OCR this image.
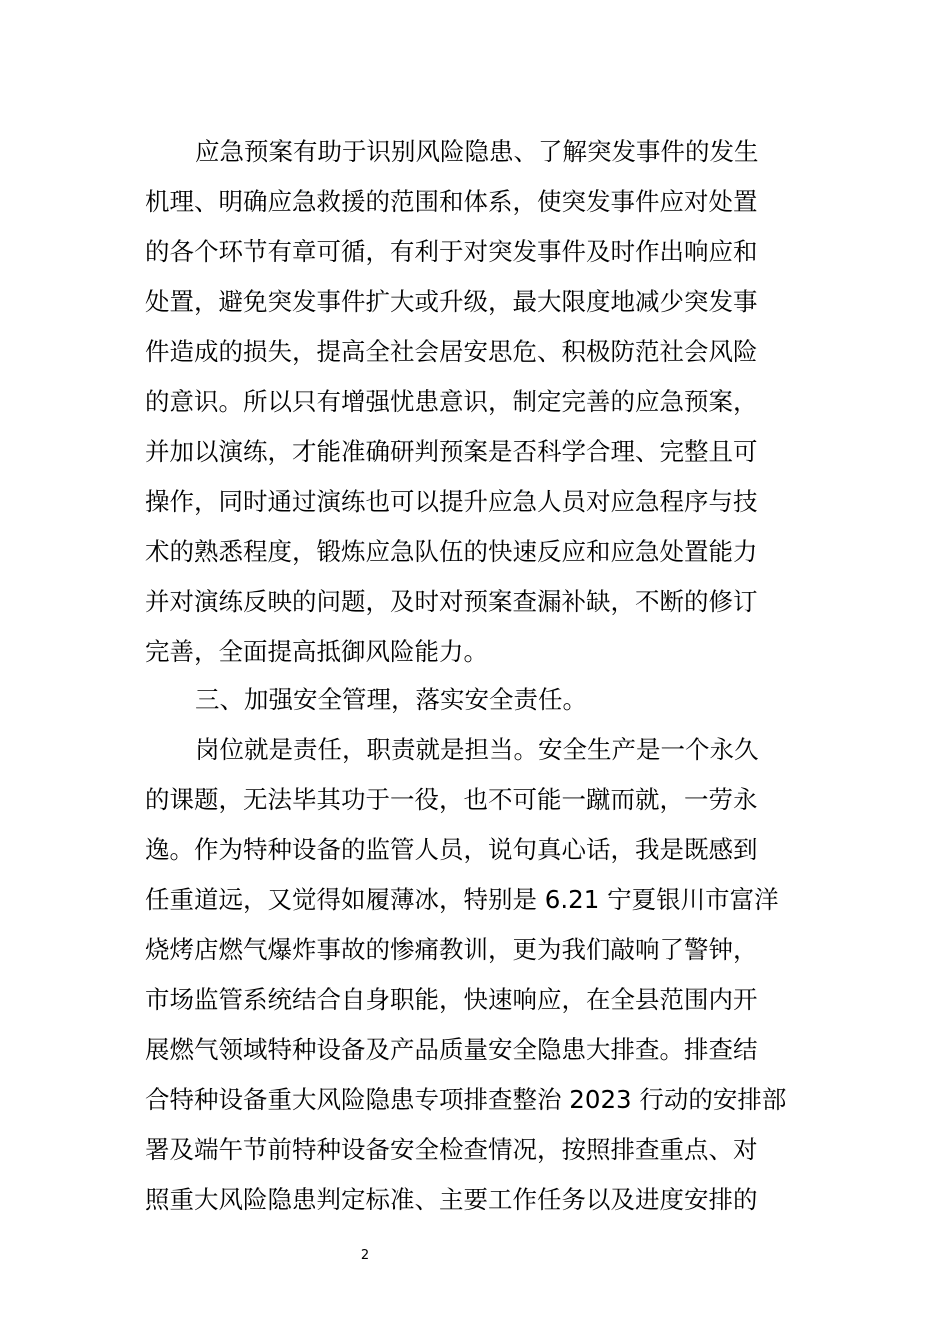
应急预案有助于识别风险隐患、了解突发事件的发生
机理、明确应急救援的范围和体系，使突发事件应对处置
的各个环节有章可循，有利于对突发事件及时作出响应和
处置，避免突发事件扩大或升级，最大限度地减少突发事
件造成的损失，提高全社会居安思危、积极防范社会风险
的意识。所以只有增强忧患意识，制定完善的应急预案，
并加以演练，才能准确研判预案是否科学合理、完整且可
操作，同时通过演练也可以提升应急人员对应急程序与技
术的熟悉程度，锻炼应急队伍的快速反应和应急处置能力
并对演练反映的问题，及时对预案查漏补缺，不断的修订
完善，全面提高抵御风险能力。
三、加强安全管理，落实安全责任。
岗位就是责任，职责就是担当。安全生产是一个永久
的课题，无法毕其功于一役，也不可能一蹴而就，一劳永
逸。作为特种设备的监管人员，说句真心话，我是既感到
任重道远，又觉得如履薄冰，特别是 6.21 宁夏银川市富洋
烧烤店燃气爆炸事故的惨痛教训，更为我们敲响了警钟，
市场监管系统结合自身职能，快速响应，在全县范围内开
展燃气领域特种设备及产品质量安全隐患大排查。排查结
合特种设备重大风险隐患专项排查整治 2023 行动的安排部
署及端午节前特种设备安全检查情况，按照排查重点、对
照重大风险隐患判定标准、主要工作任务以及进度安排的
2
